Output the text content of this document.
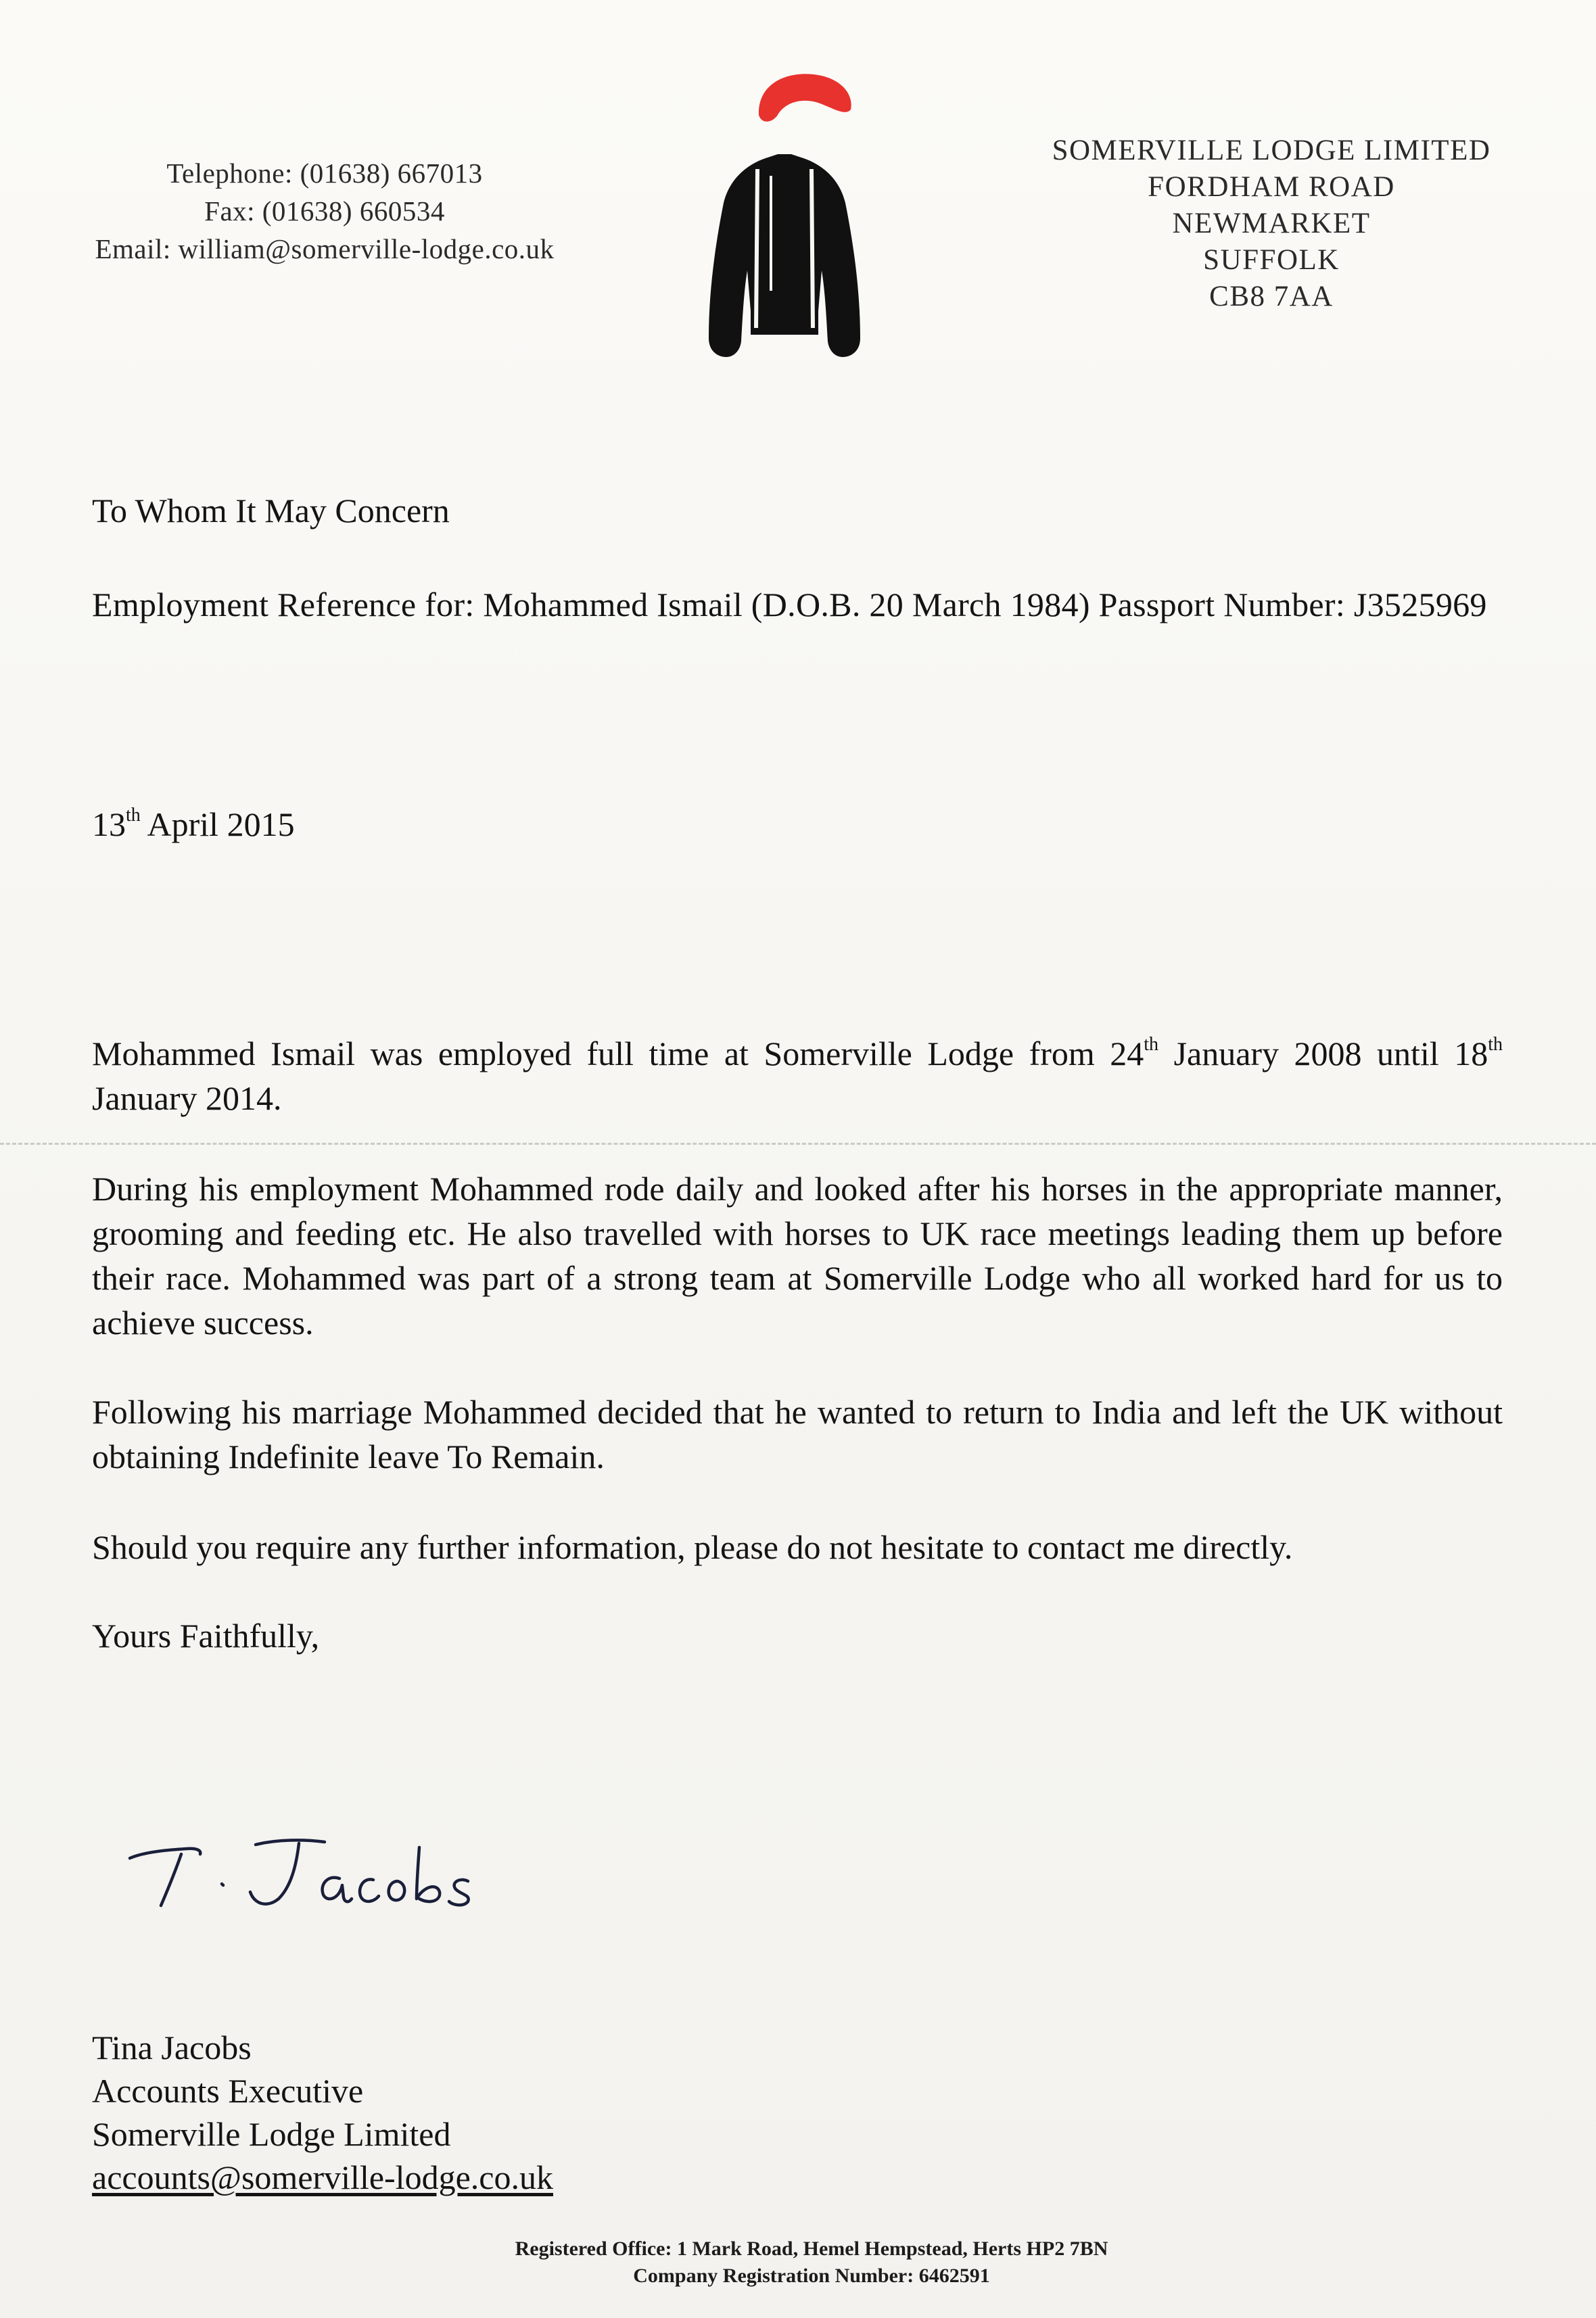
Telephone: (01638) 667013
Fax: (01638) 660534
Email: william@somerville-lodge.co.uk
SOMERVILLE LODGE LIMITED
FORDHAM ROAD
NEWMARKET
SUFFOLK
CB8 7AA
To Whom It May Concern
Employment Reference for: Mohammed Ismail (D.O.B. 20 March 1984) Passport Number: J3525969
13th April 2015
Mohammed Ismail was employed full time at Somerville Lodge from 24th January 2008 until 18th January 2014.
During his employment Mohammed rode daily and looked after his horses in the appropriate manner, grooming and feeding etc. He also travelled with horses to UK race meetings leading them up before their race. Mohammed was part of a strong team at Somerville Lodge who all worked hard for us to achieve success.
Following his marriage Mohammed decided that he wanted to return to India and left the UK without obtaining Indefinite leave To Remain.
Should you require any further information, please do not hesitate to contact me directly.
Yours Faithfully,
Tina Jacobs
Accounts Executive
Somerville Lodge Limited
accounts@somerville-lodge.co.uk
Registered Office: 1 Mark Road, Hemel Hempstead, Herts HP2 7BN
Company Registration Number: 6462591
